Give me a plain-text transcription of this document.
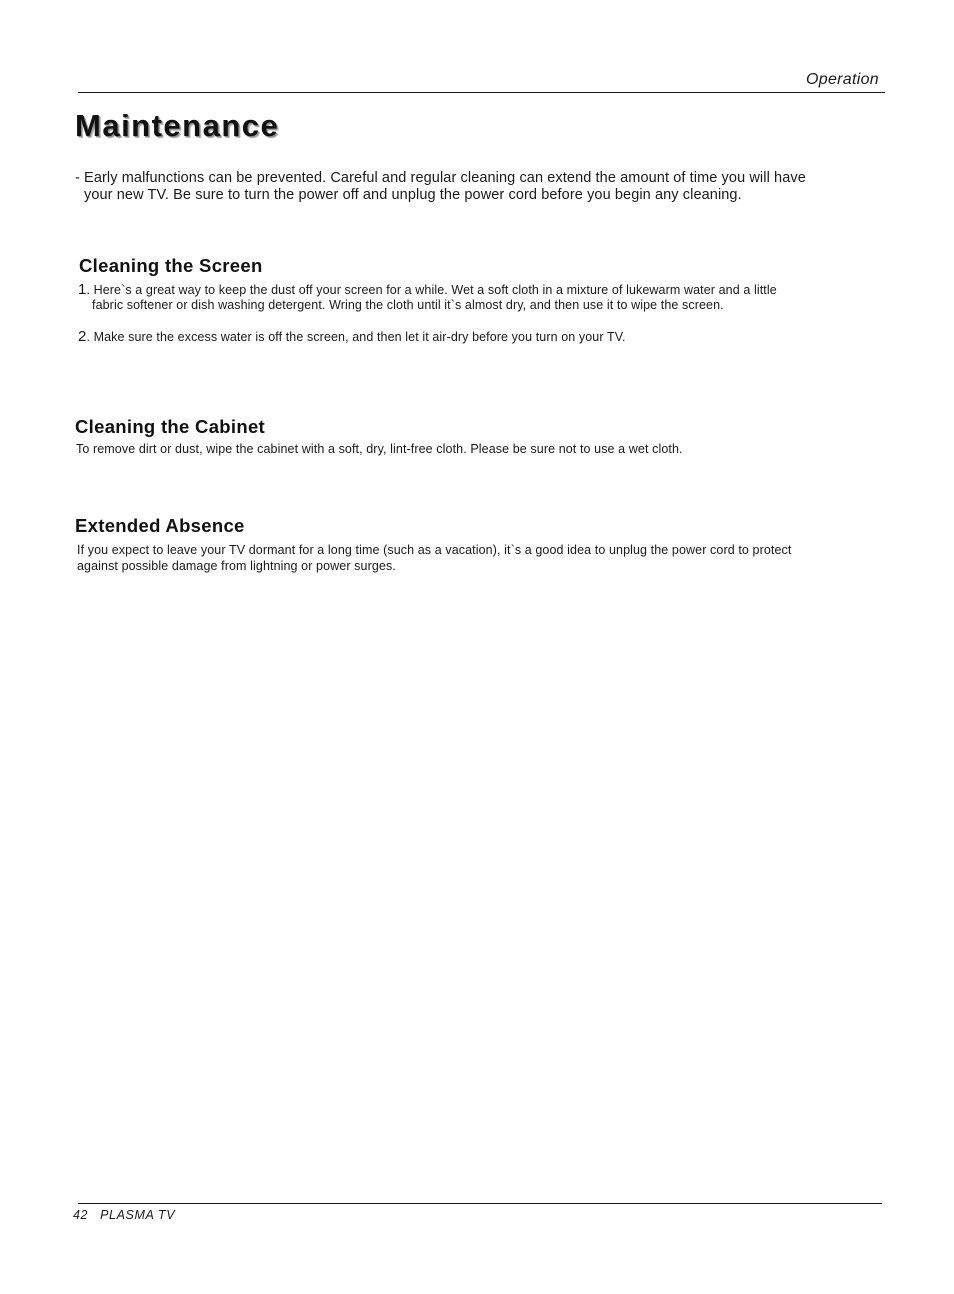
Operation
Maintenance
- Early malfunctions can be prevented. Careful and regular cleaning can extend the amount of time you will have
your new TV. Be sure to turn the power off and unplug the power cord before you begin any cleaning.
Cleaning the Screen
1. Here`s a great way to keep the dust off your screen for a while. Wet a soft cloth in a mixture of lukewarm water and a little
fabric softener or dish washing detergent. Wring the cloth until it`s almost dry, and then use it to wipe the screen.
2. Make sure the excess water is off the screen, and then let it air-dry before you turn on your TV.
Cleaning the Cabinet
To remove dirt or dust, wipe the cabinet with a soft, dry, lint-free cloth. Please be sure not to use a wet cloth.
Extended Absence
If you expect to leave your TV dormant for a long time (such as a vacation), it`s a good idea to unplug the power cord to protect
against possible damage from lightning or power surges.
42 PLASMA TV
